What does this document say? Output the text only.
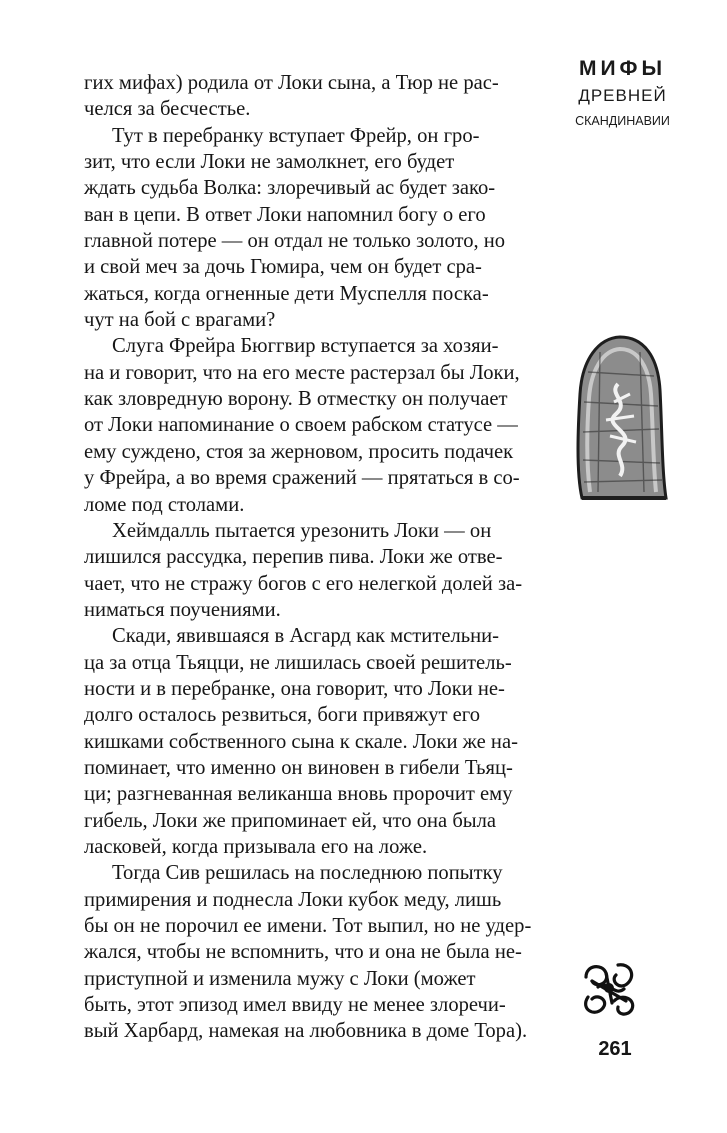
гих мифах) родила от Локи сына, а Тюр не рас-
челся за бесчестье.

Тут в перебранку вступает Фрейр, он гро-
зит, что если Локи не замолкнет, его будет
ждать судьба Волка: злоречивый ас будет зако-
ван в цепи. В ответ Локи напомнил богу о его
главной потере — он отдал не только золото, но
и свой меч за дочь Гюмира, чем он будет сра-
жаться, когда огненные дети Муспелля поска-
чут на бой с врагами?

Слуга Фрейра Бюггвир вступается за хозяи-
на и говорит, что на его месте растерзал бы Локи,
как зловредную ворону. В отместку он получает
от Локи напоминание о своем рабском статусе —
ему суждено, стоя за жерновом, просить подачек
у Фрейра, а во время сражений — прятаться в со-
ломе под столами.

Хеймдалль пытается урезонить Локи — он
лишился рассудка, перепив пива. Локи же отве-
чает, что не стражу богов с его нелегкой долей за-
ниматься поучениями.

Скади, явившаяся в Асгард как мстительни-
ца за отца Тьяцци, не лишилась своей решитель-
ности и в перебранке, она говорит, что Локи не-
долго осталось резвиться, боги привяжут его
кишками собственного сына к скале. Локи же на-
поминает, что именно он виновен в гибели Тьяц-
ци; разгневанная великанша вновь пророчит ему
гибель, Локи же припоминает ей, что она была
ласковей, когда призывала его на ложе.

Тогда Сив решилась на последнюю попытку
примирения и поднесла Локи кубок меду, лишь
бы он не порочил ее имени. Тот выпил, но не удер-
жался, чтобы не вспомнить, что и она не была не-
приступной и изменила мужу с Локи (может
быть, этот эпизод имел ввиду не менее злоречи-
вый Харбард, намекая на любовника в доме Тора).

МИФЫ
ДРЕВНЕЙ
СКАНДИНАВИИ
261
